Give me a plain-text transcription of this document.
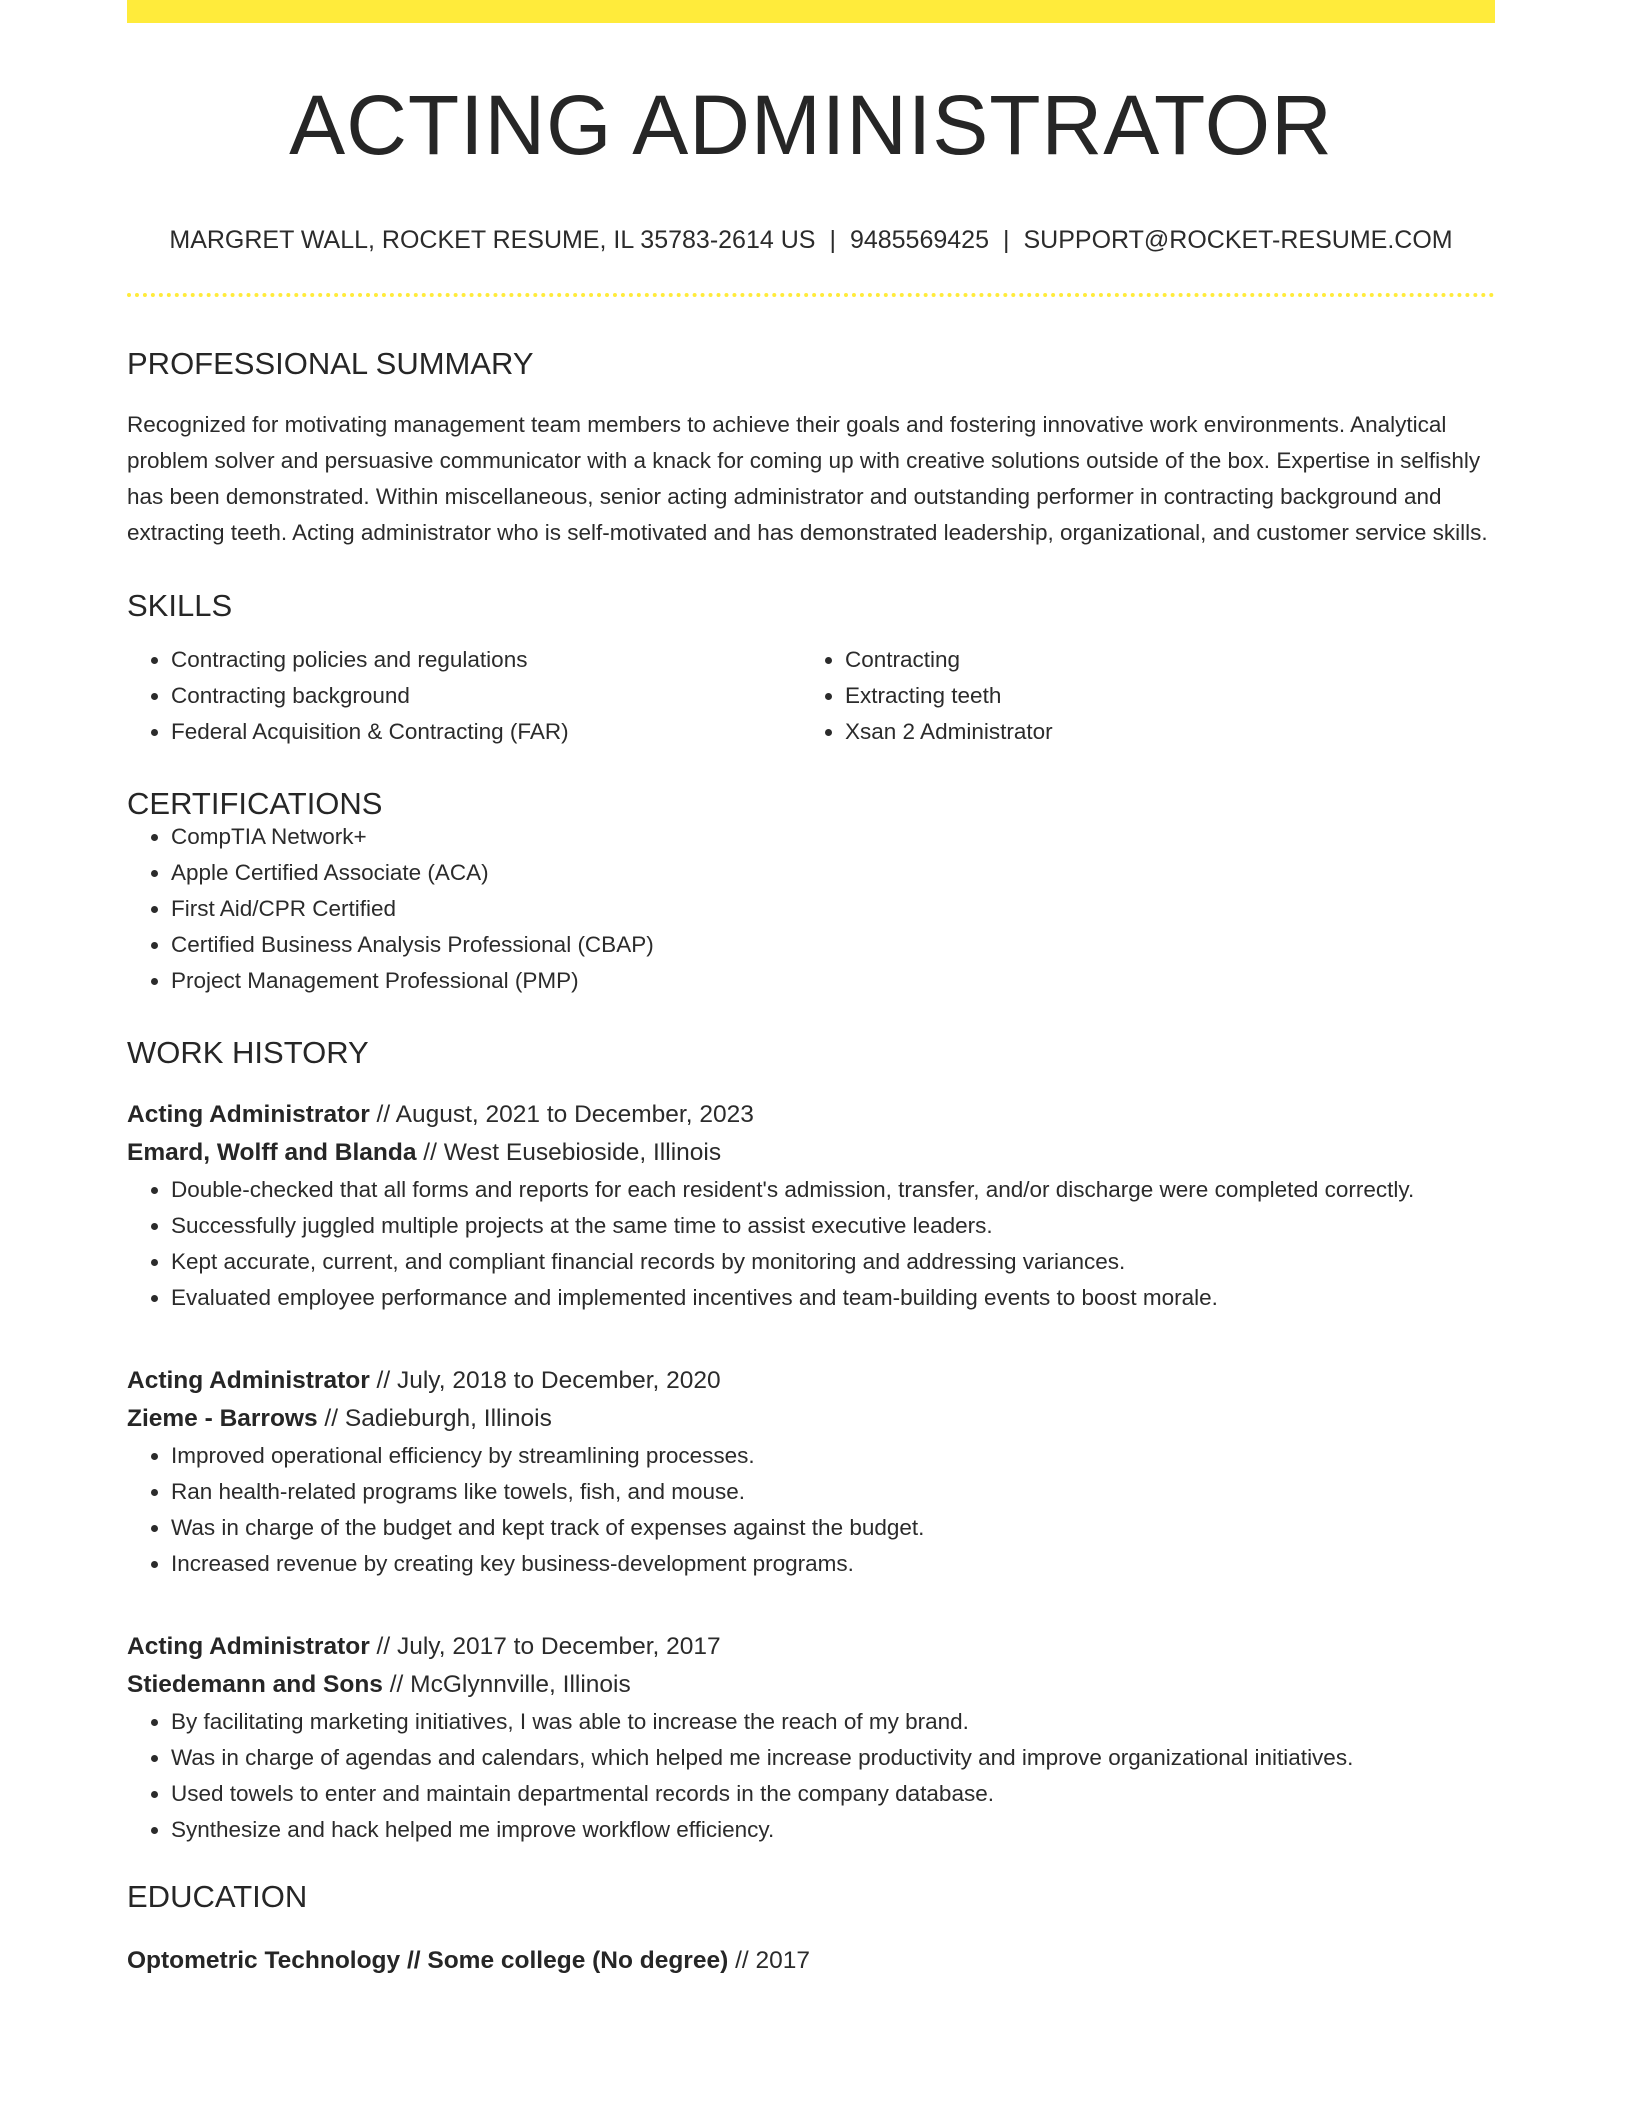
ACTING ADMINISTRATOR
MARGRET WALL, ROCKET RESUME, IL 35783-2614 US | 9485569425 | SUPPORT@ROCKET-RESUME.COM
PROFESSIONAL SUMMARY

Recognized for motivating management team members to achieve their goals and fostering innovative work environments. Analytical problem solver and persuasive communicator with a knack for coming up with creative solutions outside of the box. Expertise in selfishly has been demonstrated. Within miscellaneous, senior acting administrator and outstanding performer in contracting background and extracting teeth. Acting administrator who is self-motivated and has demonstrated leadership, organizational, and customer service skills.

SKILLS
• Contracting policies and regulations
• Contracting background
• Federal Acquisition & Contracting (FAR)
• Contracting
• Extracting teeth
• Xsan 2 Administrator
CERTIFICATIONS
• CompTIA Network+
• Apple Certified Associate (ACA)
• First Aid/CPR Certified
• Certified Business Analysis Professional (CBAP)
• Project Management Professional (PMP)
WORK HISTORY
Acting Administrator // August, 2021 to December, 2023
Emard, Wolff and Blanda // West Eusebioside, Illinois
• Double-checked that all forms and reports for each resident's admission, transfer, and/or discharge were completed correctly.
• Successfully juggled multiple projects at the same time to assist executive leaders.
• Kept accurate, current, and compliant financial records by monitoring and addressing variances.
• Evaluated employee performance and implemented incentives and team-building events to boost morale.
Acting Administrator // July, 2018 to December, 2020
Zieme - Barrows // Sadieburgh, Illinois
• Improved operational efficiency by streamlining processes.
• Ran health-related programs like towels, fish, and mouse.
• Was in charge of the budget and kept track of expenses against the budget.
• Increased revenue by creating key business-development programs.
Acting Administrator // July, 2017 to December, 2017
Stiedemann and Sons // McGlynnville, Illinois
• By facilitating marketing initiatives, I was able to increase the reach of my brand.
• Was in charge of agendas and calendars, which helped me increase productivity and improve organizational initiatives.
• Used towels to enter and maintain departmental records in the company database.
• Synthesize and hack helped me improve workflow efficiency.
EDUCATION
Optometric Technology // Some college (No degree) // 2017
